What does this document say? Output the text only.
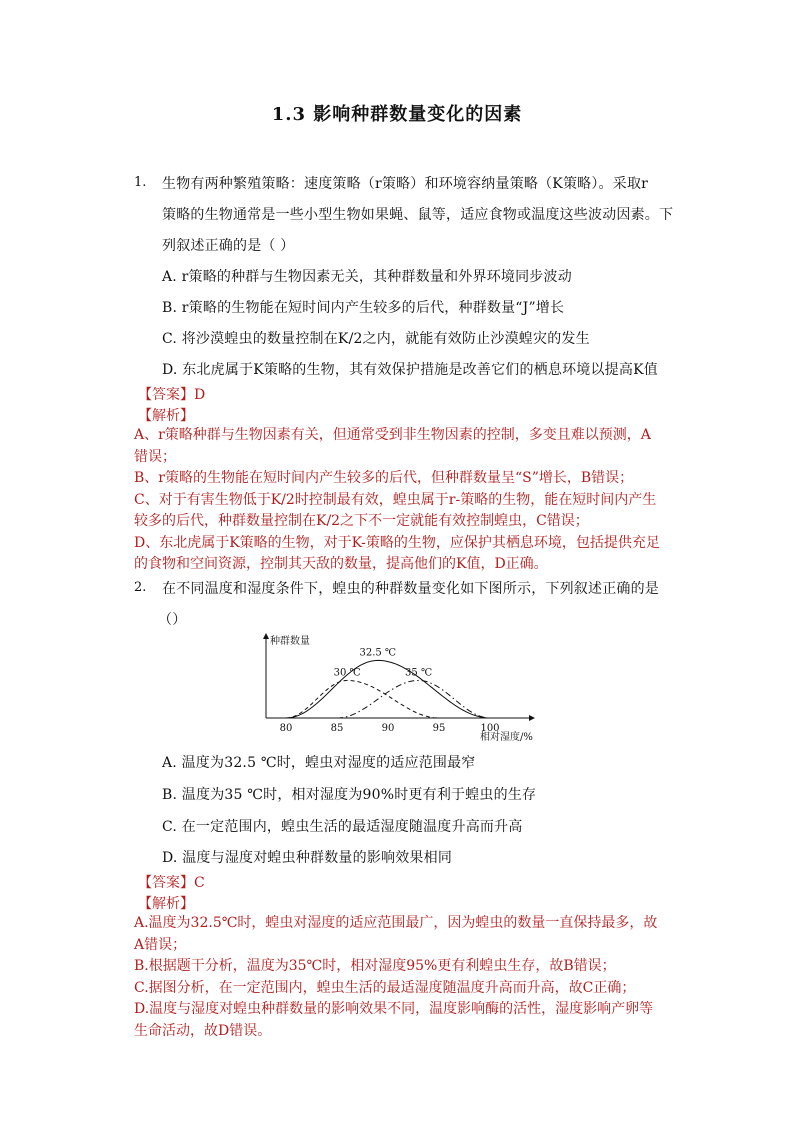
1.3 影响种群数量变化的因素
1. 生物有两种繁殖策略：速度策略（r策略）和环境容纳量策略（K策略）。采取r
策略的生物通常是一些小型生物如果蝇、鼠等，适应食物或温度这些波动因素。下
列叙述正确的是（ ）
A. r策略的种群与生物因素无关，其种群数量和外界环境同步波动
B. r策略的生物能在短时间内产生较多的后代，种群数量“J”增长
C. 将沙漠蝗虫的数量控制在K/2之内，就能有效防止沙漠蝗灾的发生
D. 东北虎属于K策略的生物，其有效保护措施是改善它们的栖息环境以提高K值
【答案】D
【解析】

A、r策略种群与生物因素有关，但通常受到非生物因素的控制，多变且难以预测，A错误；

B、r策略的生物能在短时间内产生较多的后代，但种群数量呈“S”增长，B错误；

C、对于有害生物低于K/2时控制最有效，蝗虫属于r-策略的生物，能在短时间内产生较多的后代，种群数量控制在K/2之下不一定就能有效控制蝗虫，C错误；

D、东北虎属于K策略的生物，对于K-策略的生物，应保护其栖息环境，包括提供充足的食物和空间资源，控制其天敌的数量，提高他们的K值，D正确。

2. 在不同温度和湿度条件下，蝗虫的种群数量变化如下图所示，下列叙述正确的是
（）
种群数量
相对湿度/%
80	85	90	95	100
30 ℃
32.5 ℃
35 ℃
A. 温度为32.5 ℃时，蝗虫对湿度的适应范围最窄
B. 温度为35 ℃时，相对湿度为90%时更有利于蝗虫的生存
C. 在一定范围内，蝗虫生活的最适湿度随温度升高而升高
D. 温度与湿度对蝗虫种群数量的影响效果相同
【答案】C
【解析】

A.温度为32.5℃时，蝗虫对湿度的适应范围最广，因为蝗虫的数量一直保持最多，故A错误；

B.根据题干分析，温度为35℃时，相对湿度95%更有利蝗虫生存，故B错误；

C.据图分析，在一定范围内，蝗虫生活的最适湿度随温度升高而升高，故C正确；

D.温度与湿度对蝗虫种群数量的影响效果不同，温度影响酶的活性，湿度影响产卵等生命活动，故D错误。
